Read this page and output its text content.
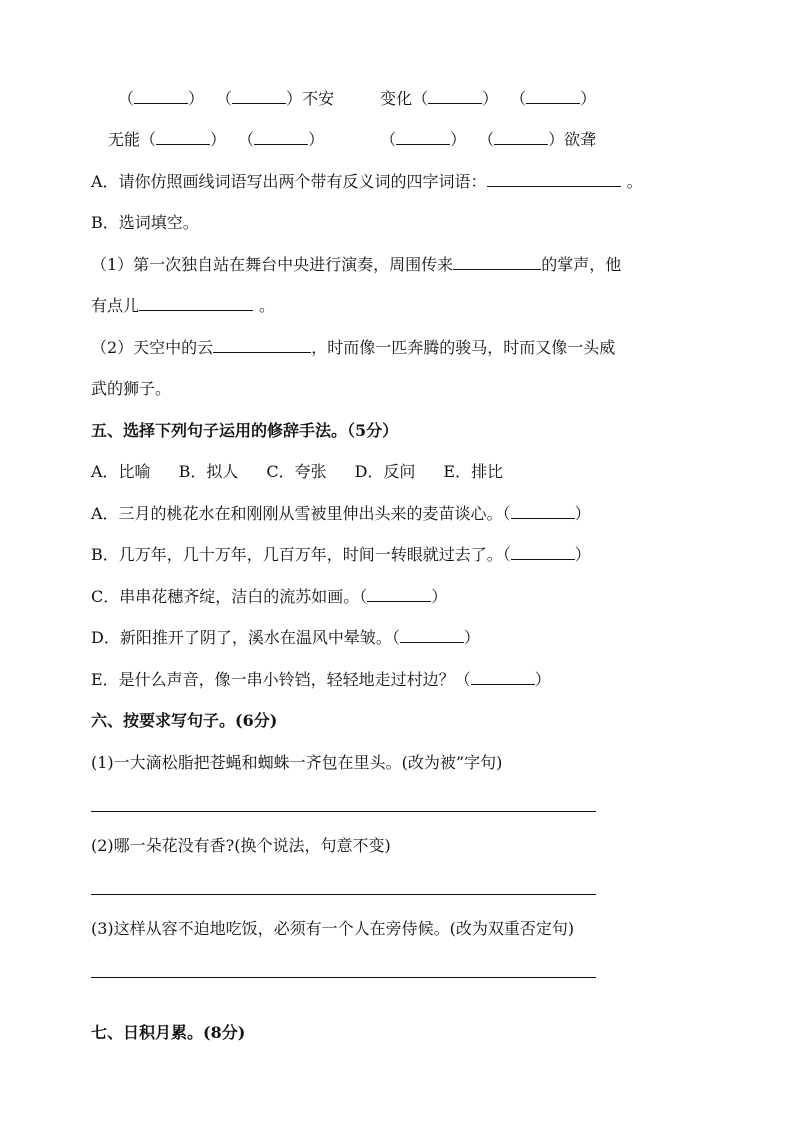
（	） （	）不安	变化（	） （	）
无能（	） （	）	（	） （	）欲聋
A．请你仿照画线词语写出两个带有反义词的四字词语：	。
B．选词填空。
（1）第一次独自站在舞台中央进行演奏，周围传来	的掌声，他
有点儿	。
（2）天空中的云	，时而像一匹奔腾的骏马，时而又像一头威
武的狮子。
五、选择下列句子运用的修辞手法。（5分）
A．比喻 B．拟人 C．夸张 D．反问 E．排比
A．三月的桃花水在和刚刚从雪被里伸出头来的麦苗谈心。（	）
B．几万年，几十万年，几百万年，时间一转眼就过去了。（	）
C．串串花穗齐绽，洁白的流苏如画。（	）
D．新阳推开了阴了，溪水在温风中晕皱。（	）
E．是什么声音，像一串小铃铛，轻轻地走过村边？（	）
六、按要求写句子。(6分)
(1)一大滴松脂把苍蝇和蜘蛛一齐包在里头。(改为被”字句)
(2)哪一朵花没有香?(换个说法，句意不变)
(3)这样从容不迫地吃饭，必须有一个人在旁侍候。(改为双重否定句)
七、日积月累。(8分)
